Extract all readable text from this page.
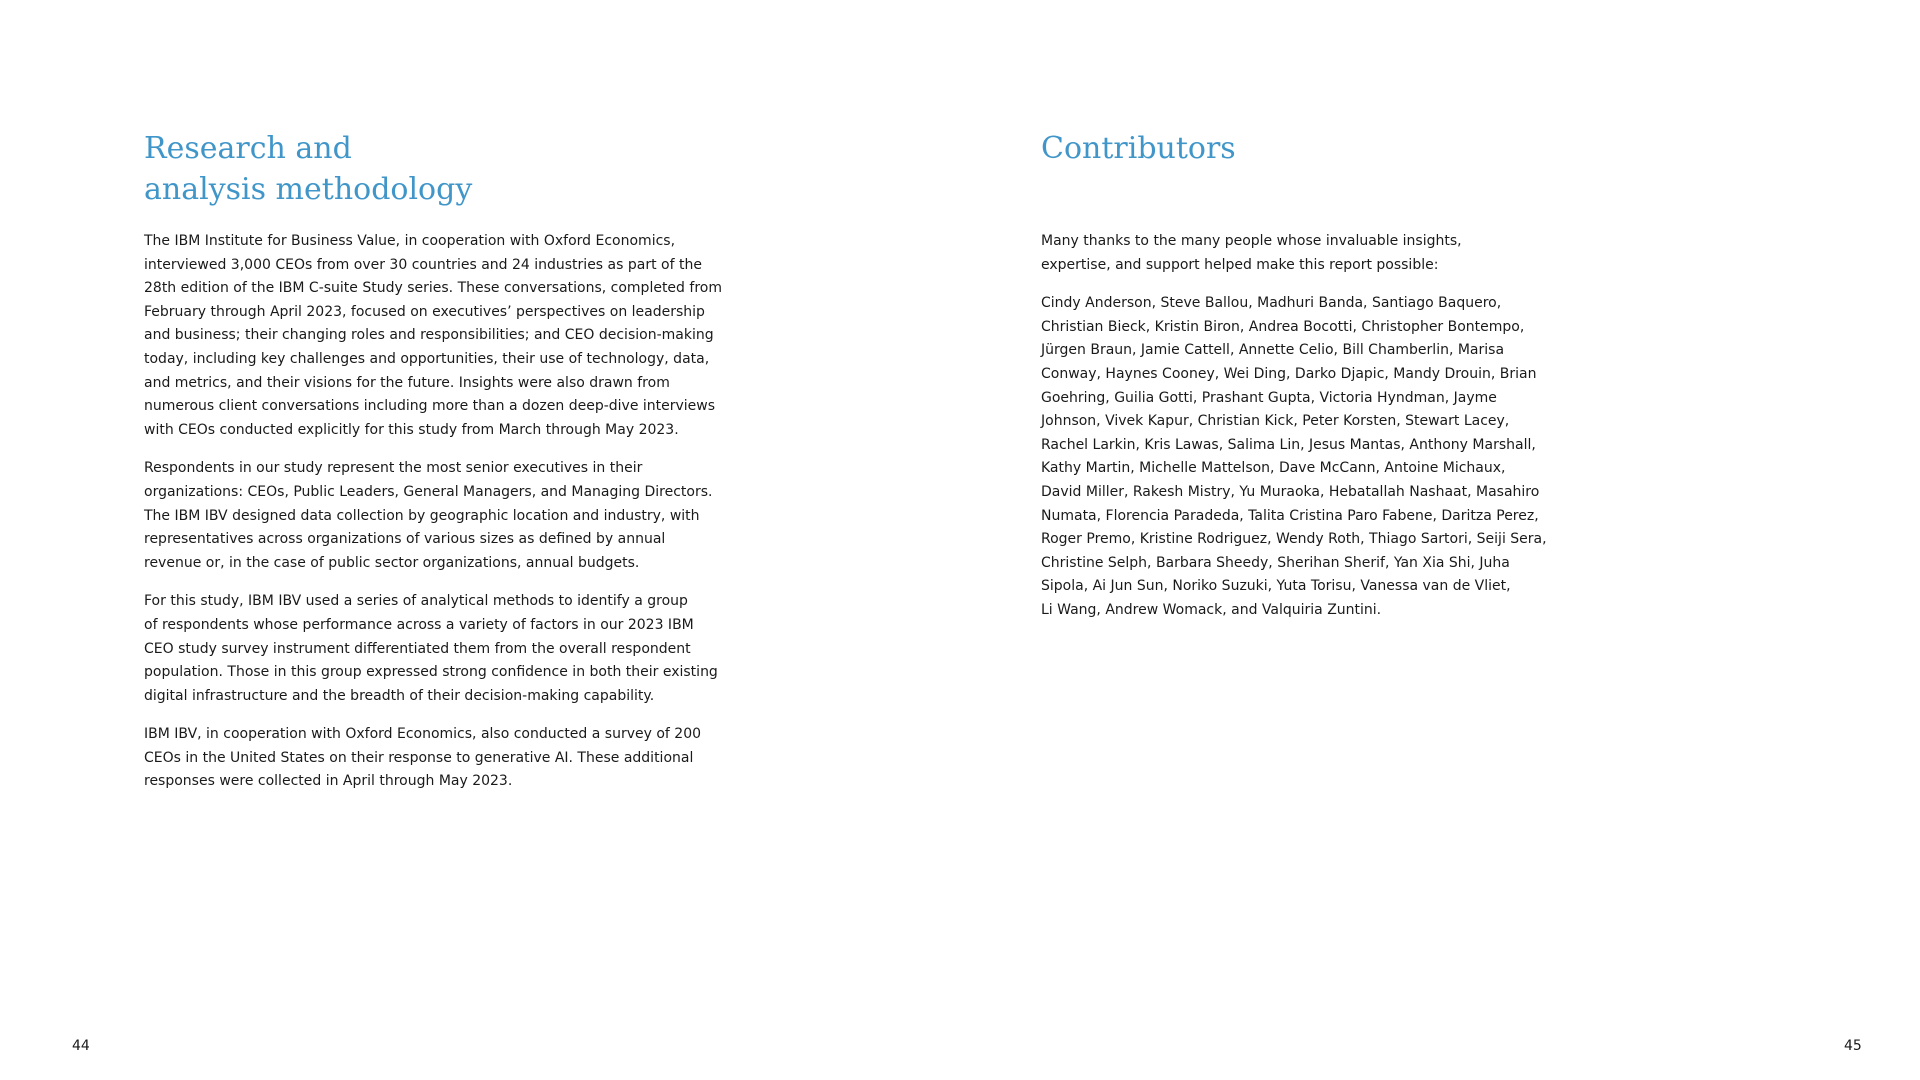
Research and
analysis methodology

The IBM Institute for Business Value, in cooperation with Oxford Economics,
interviewed 3,000 CEOs from over 30 countries and 24 industries as part of the
28th edition of the IBM C-suite Study series. These conversations, completed from
February through April 2023, focused on executives’ perspectives on leadership
and business; their changing roles and responsibilities; and CEO decision-making
today, including key challenges and opportunities, their use of technology, data,
and metrics, and their visions for the future. Insights were also drawn from
numerous client conversations including more than a dozen deep-dive interviews
with CEOs conducted explicitly for this study from March through May 2023.

Respondents in our study represent the most senior executives in their
organizations: CEOs, Public Leaders, General Managers, and Managing Directors.
The IBM IBV designed data collection by geographic location and industry, with
representatives across organizations of various sizes as defined by annual
revenue or, in the case of public sector organizations, annual budgets.

For this study, IBM IBV used a series of analytical methods to identify a group
of respondents whose performance across a variety of factors in our 2023 IBM
CEO study survey instrument differentiated them from the overall respondent
population. Those in this group expressed strong confidence in both their existing
digital infrastructure and the breadth of their decision-making capability.

IBM IBV, in cooperation with Oxford Economics, also conducted a survey of 200
CEOs in the United States on their response to generative AI. These additional
responses were collected in April through May 2023.

Contributors

Many thanks to the many people whose invaluable insights,
expertise, and support helped make this report possible:

Cindy Anderson, Steve Ballou, Madhuri Banda, Santiago Baquero,
Christian Bieck, Kristin Biron, Andrea Bocotti, Christopher Bontempo,
Jürgen Braun, Jamie Cattell, Annette Celio, Bill Chamberlin, Marisa
Conway, Haynes Cooney, Wei Ding, Darko Djapic, Mandy Drouin, Brian
Goehring, Guilia Gotti, Prashant Gupta, Victoria Hyndman, Jayme
Johnson, Vivek Kapur, Christian Kick, Peter Korsten, Stewart Lacey,
Rachel Larkin, Kris Lawas, Salima Lin, Jesus Mantas, Anthony Marshall,
Kathy Martin, Michelle Mattelson, Dave McCann, Antoine Michaux,
David Miller, Rakesh Mistry, Yu Muraoka, Hebatallah Nashaat, Masahiro
Numata, Florencia Paradeda, Talita Cristina Paro Fabene, Daritza Perez,
Roger Premo, Kristine Rodriguez, Wendy Roth, Thiago Sartori, Seiji Sera,
Christine Selph, Barbara Sheedy, Sherihan Sherif, Yan Xia Shi, Juha
Sipola, Ai Jun Sun, Noriko Suzuki, Yuta Torisu, Vanessa van de Vliet,
Li Wang, Andrew Womack, and Valquiria Zuntini.

44	45
